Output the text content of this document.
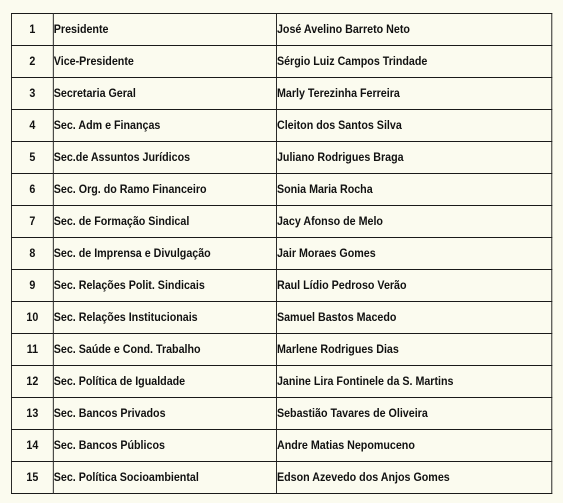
1	Presidente	José Avelino Barreto Neto
2	Vice-Presidente	Sérgio Luiz Campos Trindade
3	Secretaria Geral	Marly Terezinha Ferreira
4	Sec. Adm e Finanças	Cleiton dos Santos Silva
5	Sec.de Assuntos Jurídicos	Juliano Rodrigues Braga
6	Sec. Org. do Ramo Financeiro	Sonia Maria Rocha
7	Sec. de Formação Sindical	Jacy Afonso de Melo
8	Sec. de Imprensa e Divulgação	Jair Moraes Gomes
9	Sec. Relações Polit. Sindicais	Raul Lídio Pedroso Verão
10	Sec. Relações Institucionais	Samuel Bastos Macedo
11	Sec. Saúde e Cond. Trabalho	Marlene Rodrigues Dias
12	Sec. Política de Igualdade	Janine Lira Fontinele da S. Martins
13	Sec. Bancos Privados	Sebastião Tavares de Oliveira
14	Sec. Bancos Públicos	Andre Matias Nepomuceno
15	Sec. Política Socioambiental	Edson Azevedo dos Anjos Gomes
